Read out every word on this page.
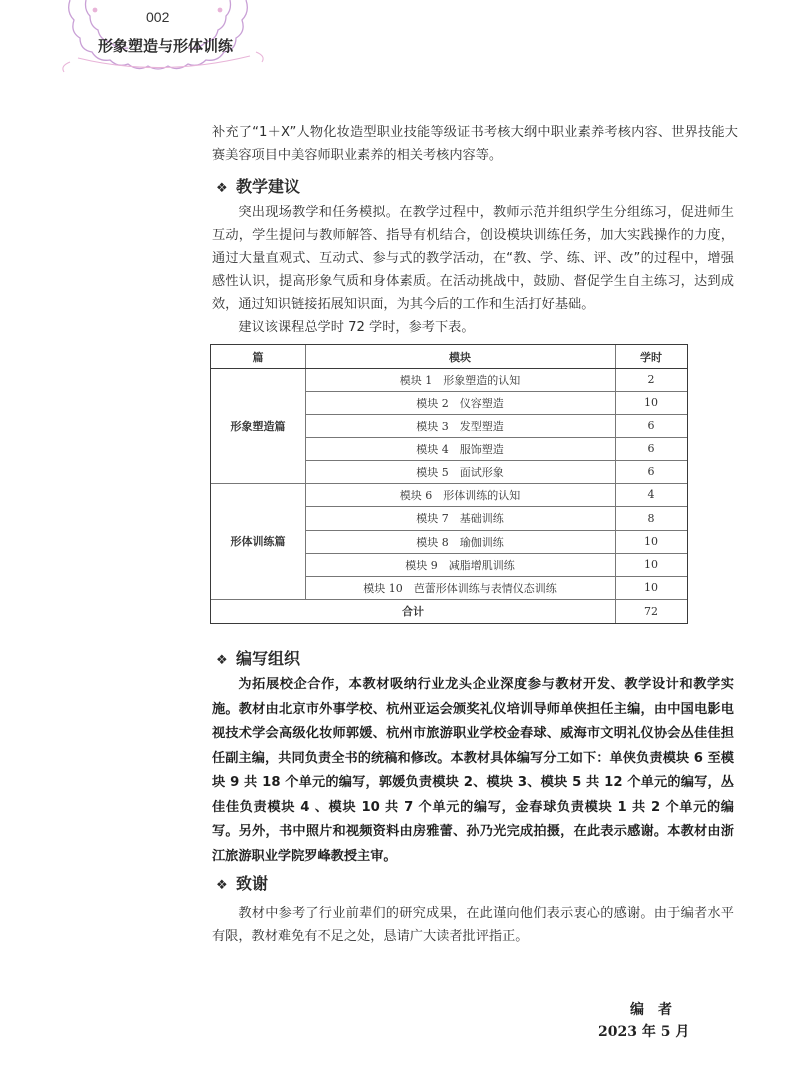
002
形象塑造与形体训练

补充了“1＋X”人物化妆造型职业技能等级证书考核大纲中职业素养考核内容、世界技能大赛美容项目中美容师职业素养的相关考核内容等。

❖ 教学建议

突出现场教学和任务模拟。在教学过程中，教师示范并组织学生分组练习，促进师生互动，学生提问与教师解答、指导有机结合，创设模块训练任务，加大实践操作的力度，通过大量直观式、互动式、参与式的教学活动，在“教、学、练、评、改”的过程中，增强感性认识，提高形象气质和身体素质。在活动挑战中，鼓励、督促学生自主练习，达到成效，通过知识链接拓展知识面，为其今后的工作和生活打好基础。

建议该课程总学时 72 学时，参考下表。

篇	模块	学时
形象塑造篇
模块 1　形象塑造的认知	2
模块 2　仪容塑造	10
模块 3　发型塑造	6
模块 4　服饰塑造	6
模块 5　面试形象	6
形体训练篇
模块 6　形体训练的认知	4
模块 7　基础训练	8
模块 8　瑜伽训练	10
模块 9　减脂增肌训练	10
模块 10　芭蕾形体训练与表情仪态训练	10
合计	72
❖ 编写组织

为拓展校企合作，本教材吸纳行业龙头企业深度参与教材开发、教学设计和教学实施。教材由北京市外事学校、杭州亚运会颁奖礼仪培训导师单侠担任主编，由中国电影电视技术学会高级化妆师郭媛、杭州市旅游职业学校金春球、威海市文明礼仪协会丛佳佳担任副主编，共同负责全书的统稿和修改。本教材具体编写分工如下：单侠负责模块 6 至模块 9 共 18 个单元的编写，郭媛负责模块 2、模块 3、模块 5 共 12 个单元的编写，丛佳佳负责模块 4 、模块 10 共 7 个单元的编写，金春球负责模块 1 共 2 个单元的编写。另外，书中照片和视频资料由房雅蕾、孙乃光完成拍摄，在此表示感谢。本教材由浙江旅游职业学院罗峰教授主审。

❖ 致谢

教材中参考了行业前辈们的研究成果，在此谨向他们表示衷心的感谢。由于编者水平有限，教材难免有不足之处，恳请广大读者批评指正。

编　者
2023 年 5 月
